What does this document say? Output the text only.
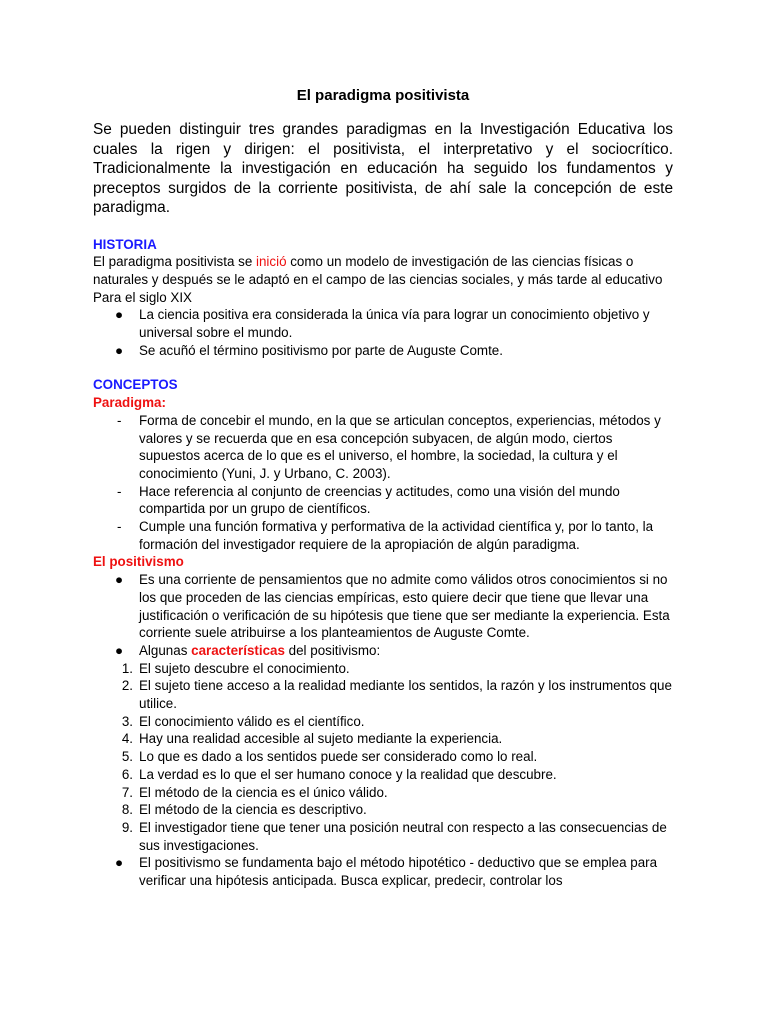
El paradigma positivista
Se pueden distinguir tres grandes paradigmas en la Investigación Educativa los cuales la rigen y dirigen: el positivista, el interpretativo y el sociocrítico. Tradicionalmente la investigación en educación ha seguido los fundamentos y preceptos surgidos de la corriente positivista, de ahí sale la concepción de este paradigma.
HISTORIA
El paradigma positivista se inició como un modelo de investigación de las ciencias físicas o naturales y después se le adaptó en el campo de las ciencias sociales, y más tarde al educativo
Para el siglo XIX
●	La ciencia positiva era considerada la única vía para lograr un conocimiento objetivo y universal sobre el mundo.
●	Se acuñó el término positivismo por parte de Auguste Comte.
CONCEPTOS
Paradigma:
- Forma de concebir el mundo, en la que se articulan conceptos, experiencias, métodos y valores y se recuerda que en esa concepción subyacen, de algún modo, ciertos supuestos acerca de lo que es el universo, el hombre, la sociedad, la cultura y el conocimiento (Yuni, J. y Urbano, C. 2003).
- Hace referencia al conjunto de creencias y actitudes, como una visión del mundo compartida por un grupo de científicos.
- Cumple una función formativa y performativa de la actividad científica y, por lo tanto, la formación del investigador requiere de la apropiación de algún paradigma.
El positivismo
●	Es una corriente de pensamientos que no admite como válidos otros conocimientos si no los que proceden de las ciencias empíricas, esto quiere decir que tiene que llevar una justificación o verificación de su hipótesis que tiene que ser mediante la experiencia. Esta corriente suele atribuirse a los planteamientos de Auguste Comte.
●	Algunas características del positivismo:
1. El sujeto descubre el conocimiento.
2. El sujeto tiene acceso a la realidad mediante los sentidos, la razón y los instrumentos que utilice.
3. El conocimiento válido es el científico.
4. Hay una realidad accesible al sujeto mediante la experiencia.
5. Lo que es dado a los sentidos puede ser considerado como lo real.
6. La verdad es lo que el ser humano conoce y la realidad que descubre.
7. El método de la ciencia es el único válido.
8. El método de la ciencia es descriptivo.
9. El investigador tiene que tener una posición neutral con respecto a las consecuencias de sus investigaciones.
●	El positivismo se fundamenta bajo el método hipotético - deductivo que se emplea para verificar una hipótesis anticipada. Busca explicar, predecir, controlar los
